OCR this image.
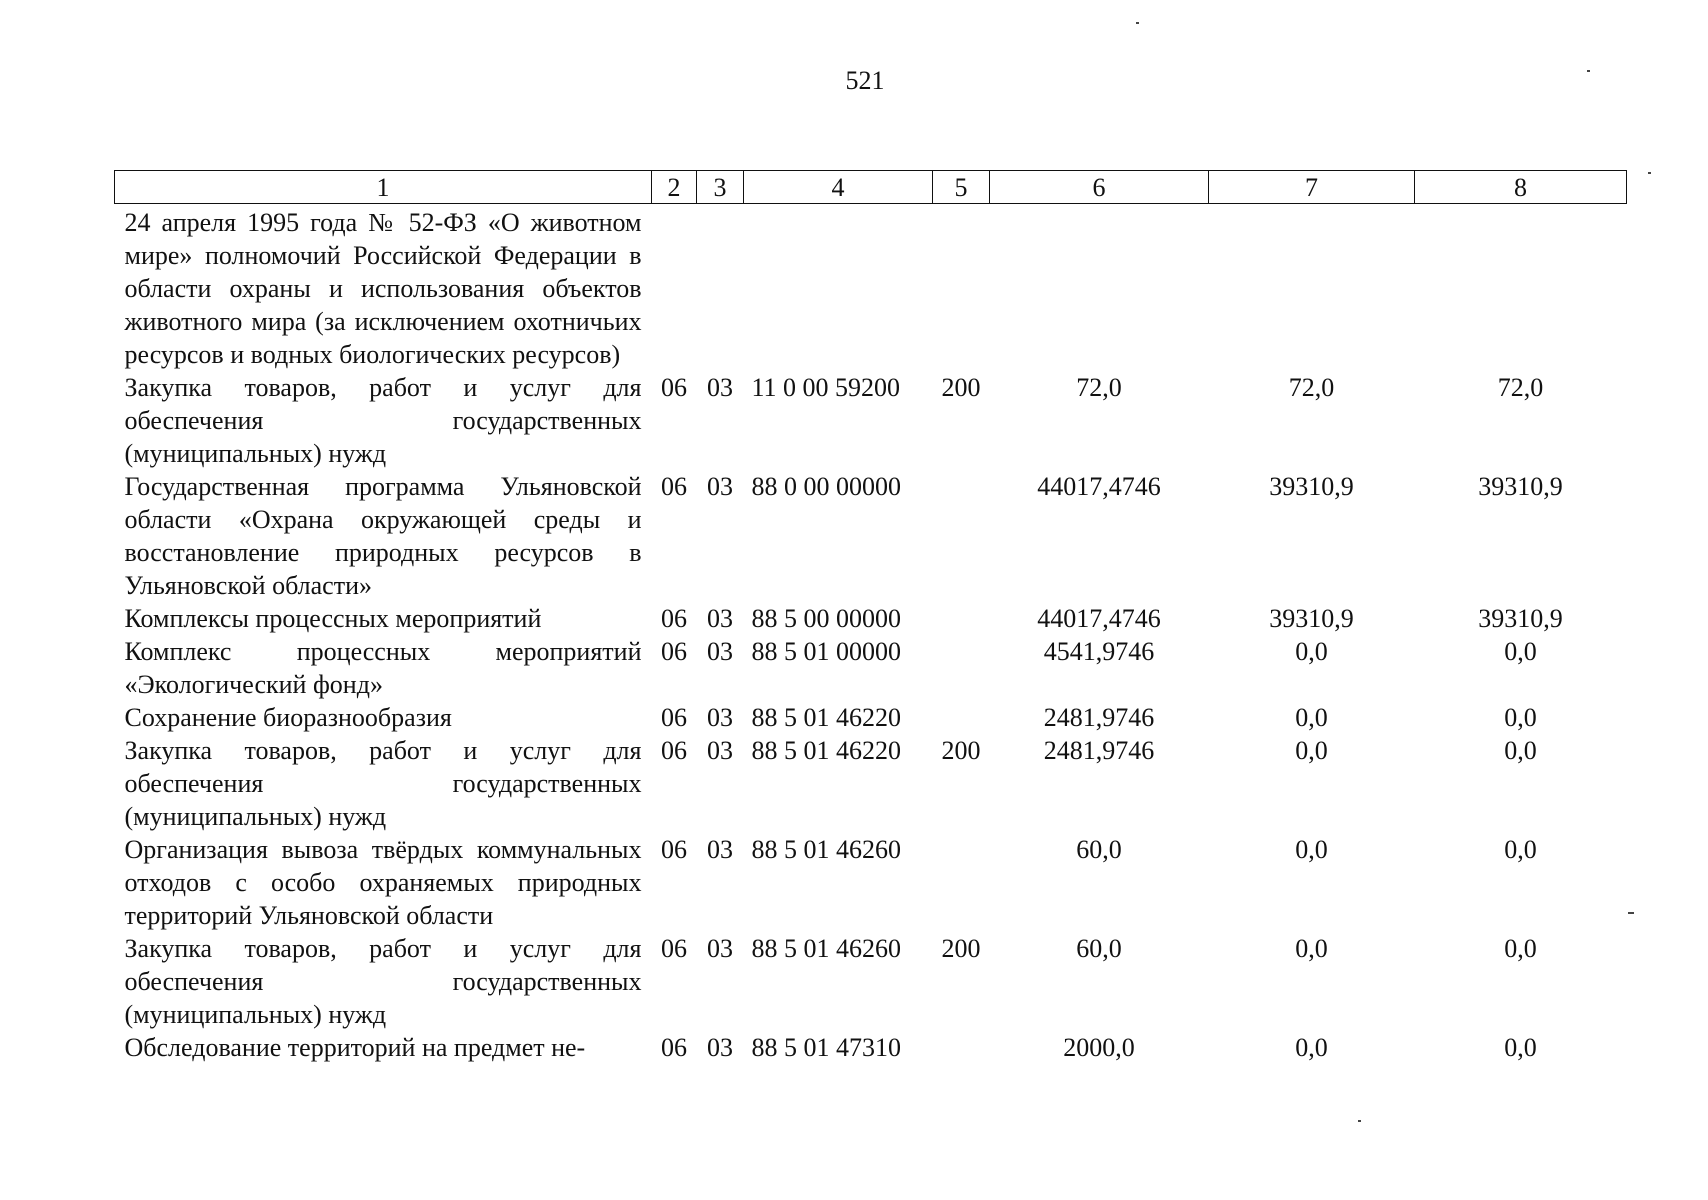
521
1	2	3	4	5	6	7	8
24 апреля 1995 года № 52-ФЗ «О животном мире» полномочий Российской Федерации в области охраны и использования объектов животного мира (за исключением охотничьих ресурсов и водных биологических ресурсов)							
Закупка товаров, работ и услуг для обеспечения государственных (муниципальных) нужд	06	03	11 0 00 59200	200	72,0	72,0	72,0
Государственная программа Ульяновской области «Охрана окружающей среды и восстановление природных ресурсов в Ульяновской области»	06	03	88 0 00 00000		44017,4746	39310,9	39310,9
Комплексы процессных мероприятий	06	03	88 5 00 00000		44017,4746	39310,9	39310,9
Комплекс процессных мероприятий «Экологический фонд»	06	03	88 5 01 00000		4541,9746	0,0	0,0
Сохранение биоразнообразия	06	03	88 5 01 46220		2481,9746	0,0	0,0
Закупка товаров, работ и услуг для обеспечения государственных (муниципальных) нужд	06	03	88 5 01 46220	200	2481,9746	0,0	0,0
Организация вывоза твёрдых коммунальных отходов с особо охраняемых природных территорий Ульяновской области	06	03	88 5 01 46260		60,0	0,0	0,0
Закупка товаров, работ и услуг для обеспечения государственных (муниципальных) нужд	06	03	88 5 01 46260	200	60,0	0,0	0,0
Обследование территорий на предмет не-	06	03	88 5 01 47310		2000,0	0,0	0,0
